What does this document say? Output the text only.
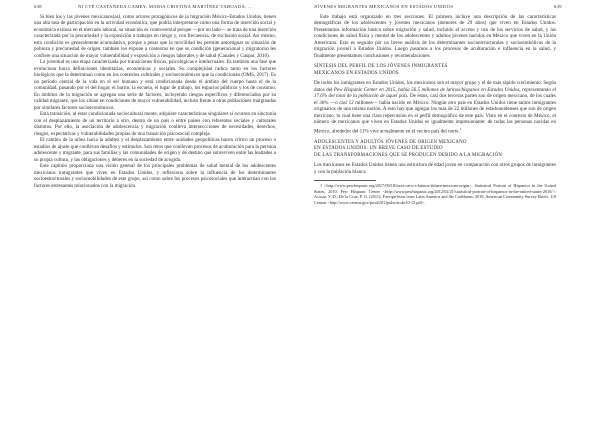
638	NI CTÉ CASTAÑEDA CAMEY, MARIA CRISTINA MARTÍNEZ-TABOADA, …

Si bien los y las jóvenes mexicanos(as), como actores protagónicos de la migración México-Estados Unidos, tienen una alta tasa de participación en la actividad económica, que podría interpretarse como una forma de inserción social y económica exitosa en el mercado laboral, su situación es controversial porque —por un lado— se trata de una inserción caracterizada por la precariedad y la exposición a trabajos en riesgo y, con frecuencia, de exclusión social. Así mismo, esta condición es generalmente acumulativa, porque a pesar que la movilidad les permite amortiguar su situación de pobreza y precariedad de origen, también los expone a contextos en que su condición (generacional y migratoria) les confiere una situación de mayor vulnerabilidad y exposición a riesgos laborales y de salud (Canales y Gaspar, 2010).

La juventud es una etapa caracterizada por transiciones físicas, psicológicas e intelectuales. Es también una fase que evoluciona hacia definiciones identitarias, económicas y sociales. Su complejidad radica tanto en los factores biológicos que la determinan como en los contextos culturales y socioeconómicos que la condicionan (OMS, 2017). Es un período central de la vida en el ser humano y está condicionada desde el ámbito del cuerpo hasta el de la comunidad, pasando por el del hogar, el barrio, la escuela, el lugar de trabajo, los espacios públicos y los de consumo. En ámbitos de la migración se agregan una serie de factores, incluyendo riesgos específicos y diferenciados por su calidad migrante, que los sitúan en condiciones de mayor vulnerabilidad, incluso frente a otras poblaciones marginadas por similares factores socioeconómicos.

Esta transición, al estar condicionada sociocultural mente, adquiere características singulares si ocurren en sincronía con el desplazamiento de un territorio a otro, dentro de un país o entre países con referentes sociales y culturales distintos. Por ello, la asociación de adolescencia y migración conlleva interseccciones de necesidades, derechos, riesgos, expectativas y vulnerabilidades propias de una transición psicosocial compleja.

El cambio de la niñez hacia la adultez y el desplazamiento entre unidades geopolíticas hacen crítico un proceso o estadios de ajuste que conllevan desafíos y estímulos. Son retos que conllevan procesos de aculturación para la persona adolescente y migrante, para sus familias y las comunidades de origen y de destino que sobreviven entre las lealtades a su propia cultura, y las obligaciones y deberes en la sociedad de acogida.

Este capítulo proporciona una visión general de los principales problemas de salud mental de los adolescentes mexicanos inmigrantes que viven en Estados Unidos, y reflexiona sobre la influencia de los determinantes socioestructurales y sociomobilidades de este grupo, así como sobre los procesos psicosociales que interactúan con los factores estresantes relacionados con la migración.

JÓVENES MIGRANTES MEXICANOS EN ESTADOS UNIDOS	639

Este trabajo está organizado en tres secciones. El primero incluye una descripción de las características demográficas de los adolescentes y jóvenes mexicanos (menores de 29 años) que viven en Estados Unidos. Presentamos información básica sobre migración y salud, incluido el acceso y uso de los servicios de salud, y las condiciones de salud física y mental de los adolescentes y adultos jóvenes nacidos en México que viven en la Unión Americana. Esto es seguido por un breve análisis de los determinantes socioestructurales y sociosimbólicos de la migración juvenil a Estados Unidos. Luego pasamos a los procesos de aculturación e influencia en la salud, y finalmente presentamos conclusiones y recomendaciones.

SÍNTESIS DEL PERFIL DE LOS JÓVENES INMIGRANTES
MEXICANOS EN ESTADOS UNIDOS

De todos los inmigrantes en Estados Unidos, los mexicanos son el mayor grupo y el de más rápido crecimiento. Según datos del Pew Hispanic Center en 2015, había 56.5 millones de latinos/hispanos en Estados Unidos, representando el 17.6% del total de la población de aquel país. De éstos, casi dos terceras partes son de origen mexicano, de los cuales el 36% —o casi 12 millones— había nacido en México. Ningún otro país en Estados Unidos tiene tantos inmigrantes originarios de una misma nación. A esto hay que agregar los más de 22 millones de estadounidenses que son de origen mexicano, lo cual tiene una clara repercusión en el perfil demográfico de este país. Visto en el contexto de México, el número de mexicanos que viven en Estados Unidos es igualmente impresionante: de todas las personas nacidas en México, alrededor del 11% vive actualmente en el vecino país del norte.$^1$

ADOLESCENTES Y ADULTOS JÓVENES DE ORIGEN MEXICANO
EN ESTADOS UNIDOS: UN BREVE CASO DE ESTUDIO
DE LAS TRANSFORMACIONES QUE SE PRODUCEN DEBIDO A LA MIGRACIÓN

Los mexicanos en Estados Unidos tienen una estructura de edad joven en comparación con otros grupos de inmigrantes y con la población blanca

1 <http://www.pewhispanic.org/2017/09/18/facts-on-u-s-latinos-#share-mexican-origin>. Statistical Portrait of Hispanics in the United States, 2010. Pew Hispanic Center <http://www.pewhispanic.org/2012/02/21/statistical-portrait-of-hispanics-in-the-united-states-2010/>. Acosta, Y. D., De la Cruz, P. G. (2011), Foreign-born from Latin America and the Caribbean; 2010. American Community Survey Briefs. US Census <http://www.census.gov/prod/2011pubs/acsbr10-15.pdf>.
